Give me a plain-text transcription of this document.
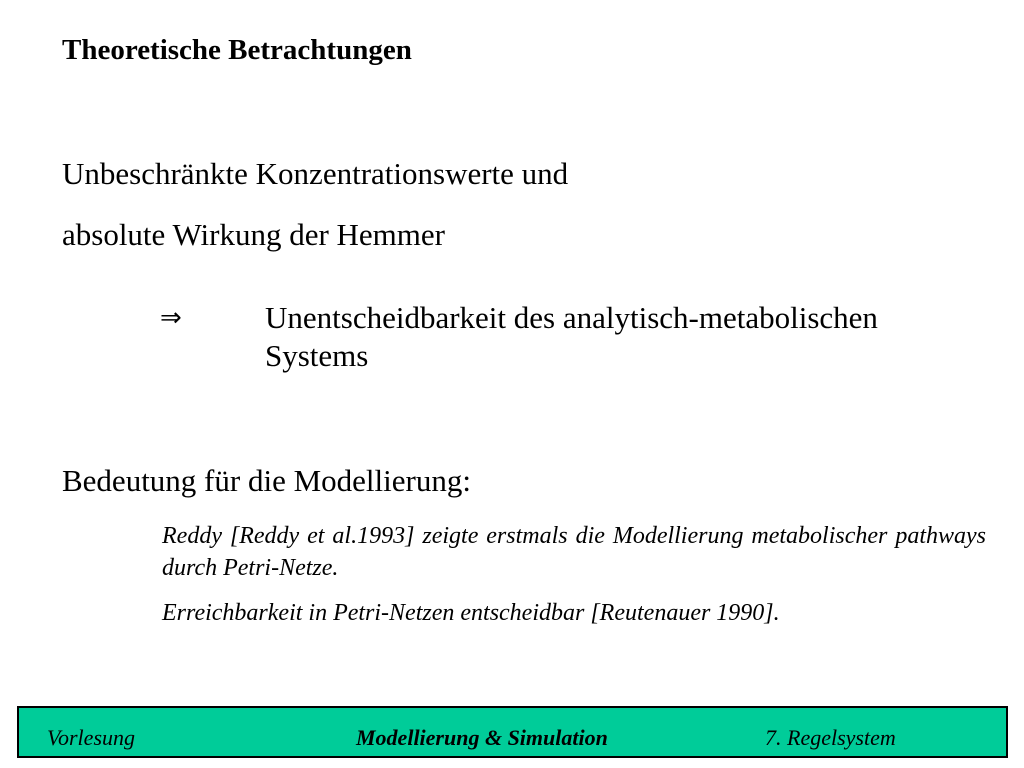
Theoretische Betrachtungen
Unbeschränkte Konzentrationswerte und
absolute Wirkung der Hemmer
⇒	Unentscheidbarkeit des analytisch-metabolischen Systems
Bedeutung für die Modellierung:

Reddy [Reddy et al.1993] zeigte erstmals die Modellierung metabolischer pathways durch Petri-Netze.

Erreichbarkeit in Petri-Netzen entscheidbar [Reutenauer 1990].

Vorlesung	Modellierung & Simulation	7. Regelsystem
